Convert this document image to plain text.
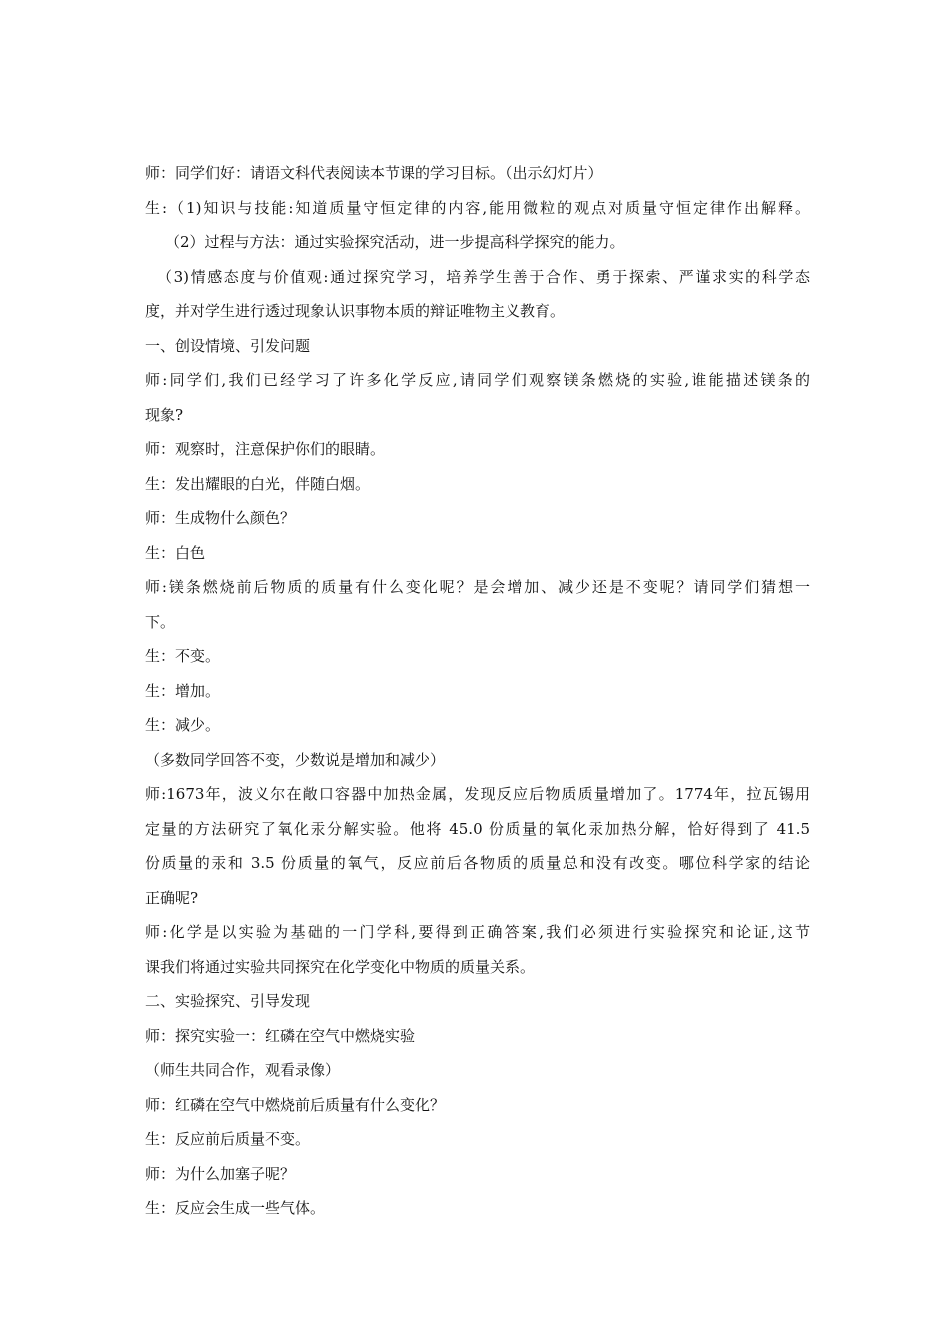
师：同学们好：请语文科代表阅读本节课的学习目标。（出示幻灯片）
生:（1)知识与技能:知道质量守恒定律的内容,能用微粒的观点对质量守恒定律作出解释。
（2）过程与方法：通过实验探究活动，进一步提高科学探究的能力。
（3)情感态度与价值观:通过探究学习，培养学生善于合作、勇于探索、严谨求实的科学态
度，并对学生进行透过现象认识事物本质的辩证唯物主义教育。
一、创设情境、引发问题
师:同学们,我们已经学习了许多化学反应,请同学们观察镁条燃烧的实验,谁能描述镁条的
现象?
师：观察时，注意保护你们的眼睛。
生：发出耀眼的白光，伴随白烟。
师：生成物什么颜色？
生：白色
师:镁条燃烧前后物质的质量有什么变化呢？是会增加、减少还是不变呢？请同学们猜想一
下。
生：不变。
生：增加。
生：减少。
（多数同学回答不变，少数说是增加和减少）
师:1673年，波义尔在敞口容器中加热金属，发现反应后物质质量增加了。1774年，拉瓦锡用
定量的方法研究了氧化汞分解实验。他将 45.0 份质量的氧化汞加热分解，恰好得到了 41.5
份质量的汞和 3.5 份质量的氧气，反应前后各物质的质量总和没有改变。哪位科学家的结论
正确呢?
师:化学是以实验为基础的一门学科,要得到正确答案,我们必须进行实验探究和论证,这节
课我们将通过实验共同探究在化学变化中物质的质量关系。
二、实验探究、引导发现
师：探究实验一：红磷在空气中燃烧实验
（师生共同合作，观看录像）
师：红磷在空气中燃烧前后质量有什么变化？
生：反应前后质量不变。
师：为什么加塞子呢？
生：反应会生成一些气体。
